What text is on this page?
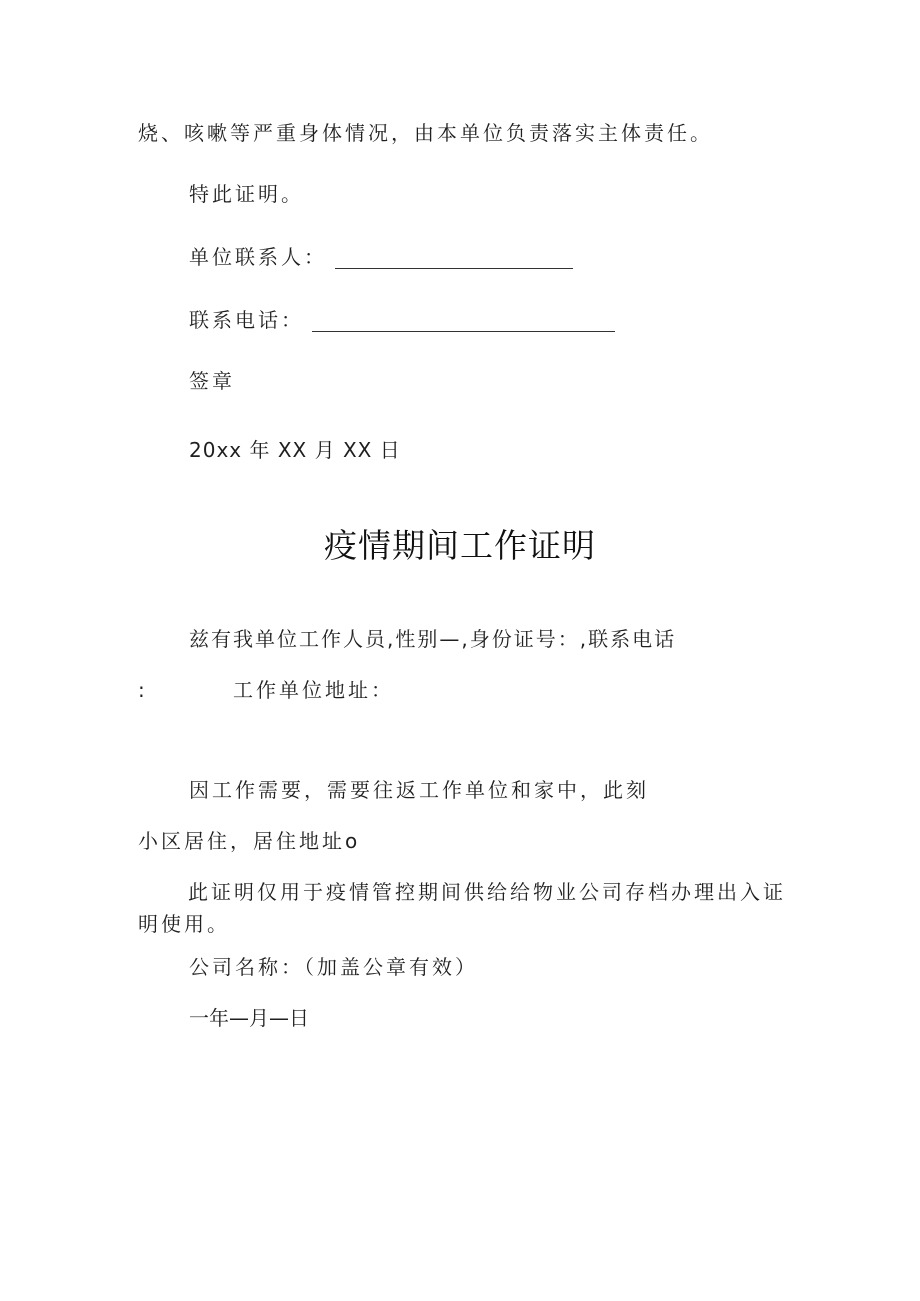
烧、咳嗽等严重身体情况，由本单位负责落实主体责任。
特此证明。
单位联系人：
联系电话：
签章
20xx 年 XX 月 XX 日
疫情期间工作证明
兹有我单位工作人员,性别—,身份证号：,联系电话
:	工作单位地址：
因工作需要，需要往返工作单位和家中，此刻
小区居住，居住地址o
此证明仅用于疫情管控期间供给给物业公司存档办理出入证明使用。
公司名称：（加盖公章有效）
一年—月—日
